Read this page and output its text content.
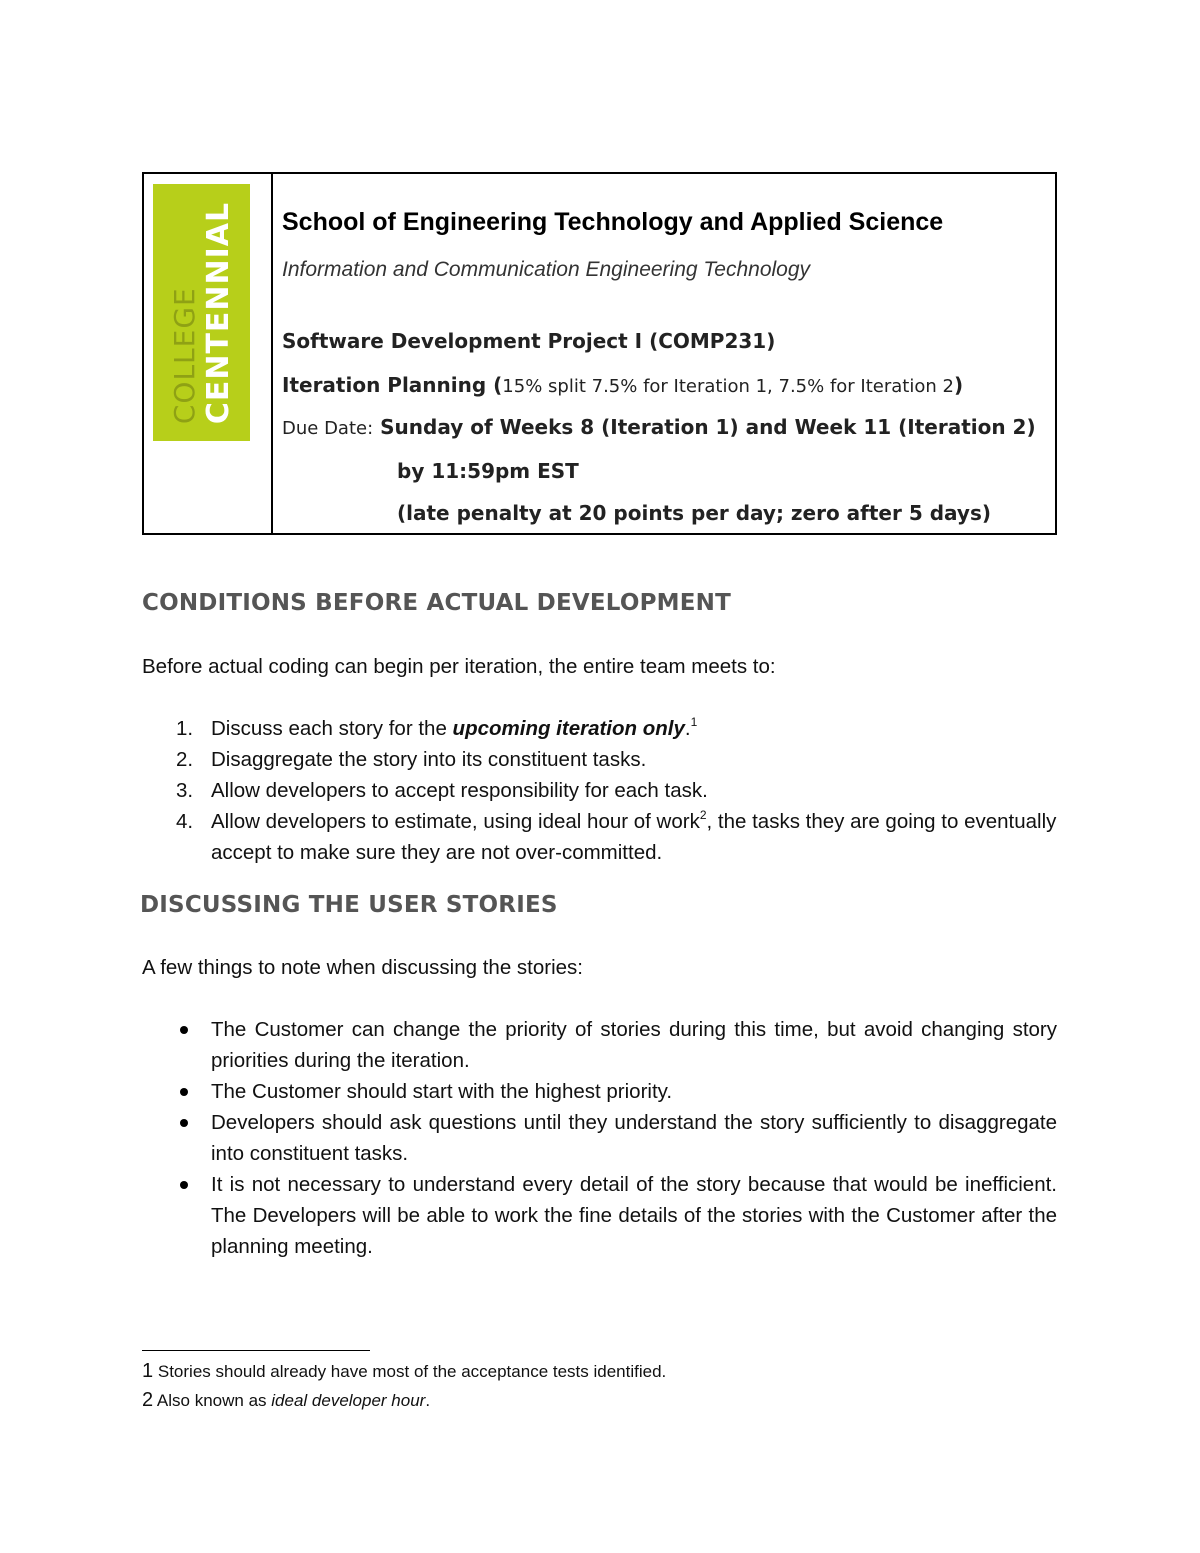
COLLEGE CENTENNIAL School of Engineering Technology and Applied Science
Information and Communication Engineering Technology
Software Development Project I (COMP231)
Iteration Planning (15% split 7.5% for Iteration 1, 7.5% for Iteration 2)
Due Date: Sunday of Weeks 8 (Iteration 1) and Week 11 (Iteration 2)
by 11:59pm EST
(late penalty at 20 points per day; zero after 5 days)
CONDITIONS BEFORE ACTUAL DEVELOPMENT
Before actual coding can begin per iteration, the entire team meets to:
1. Discuss each story for the upcoming iteration only.$^1$
2. Disaggregate the story into its constituent tasks.
3. Allow developers to accept responsibility for each task.
4. Allow developers to estimate, using ideal hour of work$^2$, the tasks they are going to eventually accept to make sure they are not over-committed.
DISCUSSING THE USER STORIES
A few things to note when discussing the stories:
The Customer can change the priority of stories during this time, but avoid changing story priorities during the iteration.
The Customer should start with the highest priority.
Developers should ask questions until they understand the story sufficiently to disaggregate into constituent tasks.
It is not necessary to understand every detail of the story because that would be inefficient. The Developers will be able to work the fine details of the stories with the Customer after the planning meeting.
1 Stories should already have most of the acceptance tests identified.
2 Also known as ideal developer hour.
